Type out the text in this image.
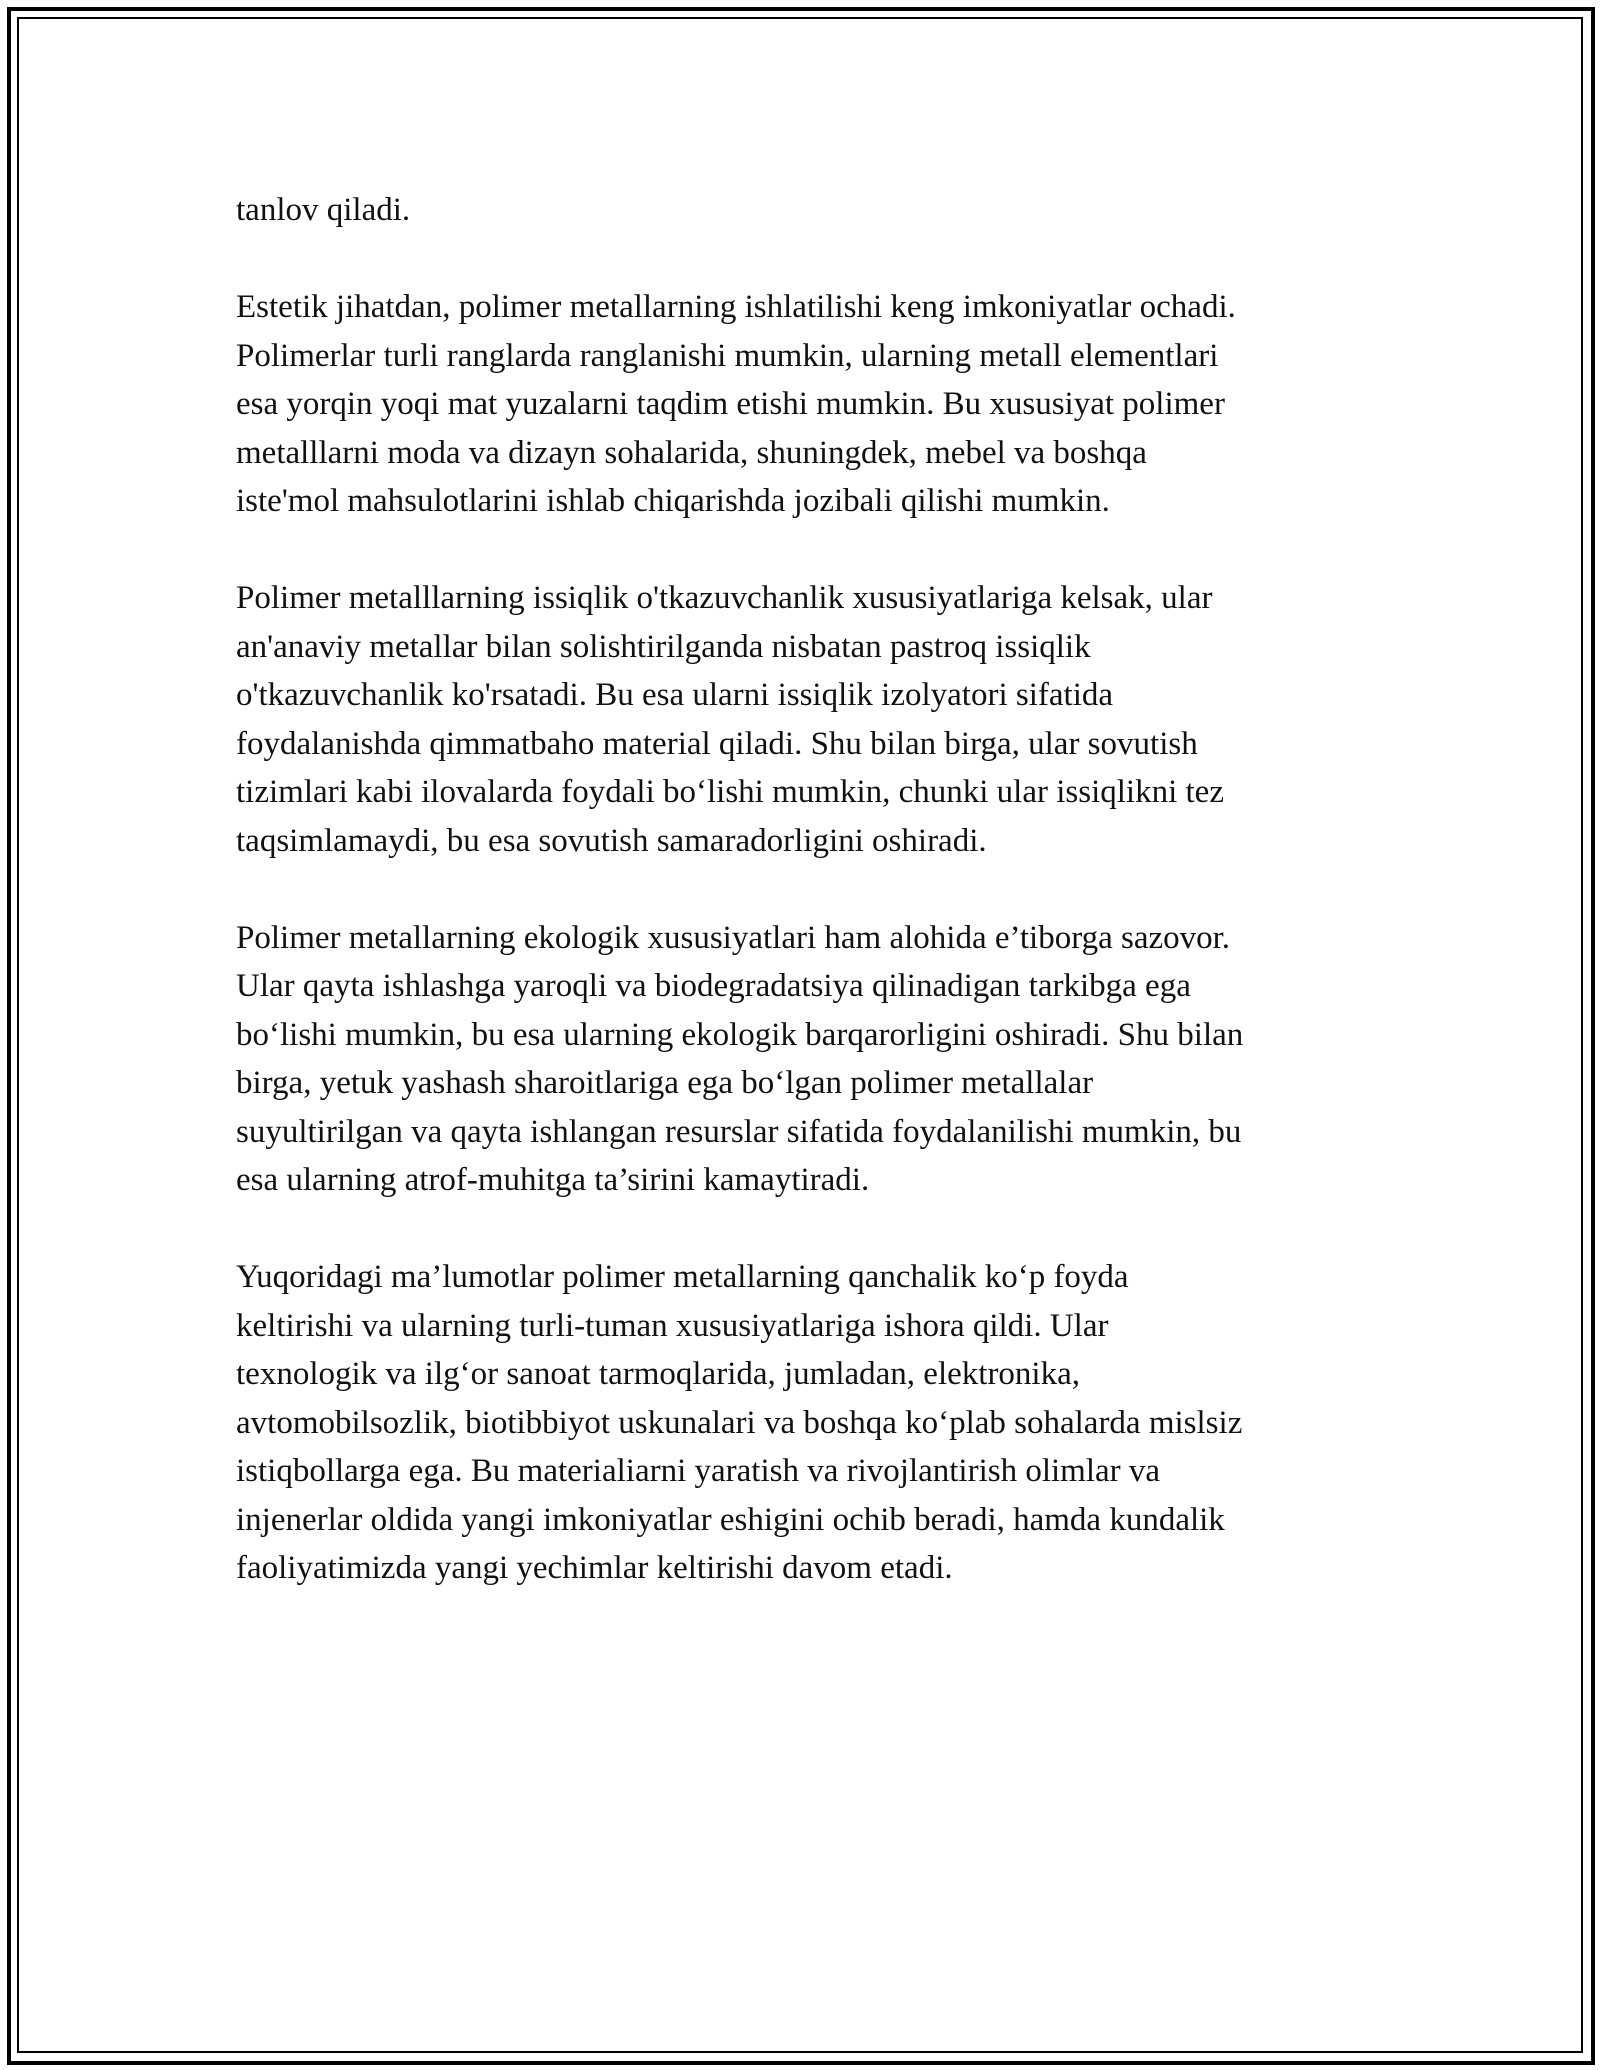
tanlov qiladi.

Estetik jihatdan, polimer metallarning ishlatilishi keng imkoniyatlar ochadi.
Polimerlar turli ranglarda ranglanishi mumkin, ularning metall elementlari
esa yorqin yoqi mat yuzalarni taqdim etishi mumkin. Bu xususiyat polimer
metalllarni moda va dizayn sohalarida, shuningdek, mebel va boshqa
iste'mol mahsulotlarini ishlab chiqarishda jozibali qilishi mumkin.

Polimer metalllarning issiqlik o'tkazuvchanlik xususiyatlariga kelsak, ular
an'anaviy metallar bilan solishtirilganda nisbatan pastroq issiqlik
o'tkazuvchanlik ko'rsatadi. Bu esa ularni issiqlik izolyatori sifatida
foydalanishda qimmatbaho material qiladi. Shu bilan birga, ular sovutish
tizimlari kabi ilovalarda foydali bo‘lishi mumkin, chunki ular issiqlikni tez
taqsimlamaydi, bu esa sovutish samaradorligini oshiradi.

Polimer metallarning ekologik xususiyatlari ham alohida e’tiborga sazovor.
Ular qayta ishlashga yaroqli va biodegradatsiya qilinadigan tarkibga ega
bo‘lishi mumkin, bu esa ularning ekologik barqarorligini oshiradi. Shu bilan
birga, yetuk yashash sharoitlariga ega bo‘lgan polimer metallalar
suyultirilgan va qayta ishlangan resurslar sifatida foydalanilishi mumkin, bu
esa ularning atrof-muhitga ta’sirini kamaytiradi.

Yuqoridagi ma’lumotlar polimer metallarning qanchalik ko‘p foyda
keltirishi va ularning turli-tuman xususiyatlariga ishora qildi. Ular
texnologik va ilg‘or sanoat tarmoqlarida, jumladan, elektronika,
avtomobilsozlik, biotibbiyot uskunalari va boshqa ko‘plab sohalarda mislsiz
istiqbollarga ega. Bu materialiarni yaratish va rivojlantirish olimlar va
injenerlar oldida yangi imkoniyatlar eshigini ochib beradi, hamda kundalik
faoliyatimizda yangi yechimlar keltirishi davom etadi.
